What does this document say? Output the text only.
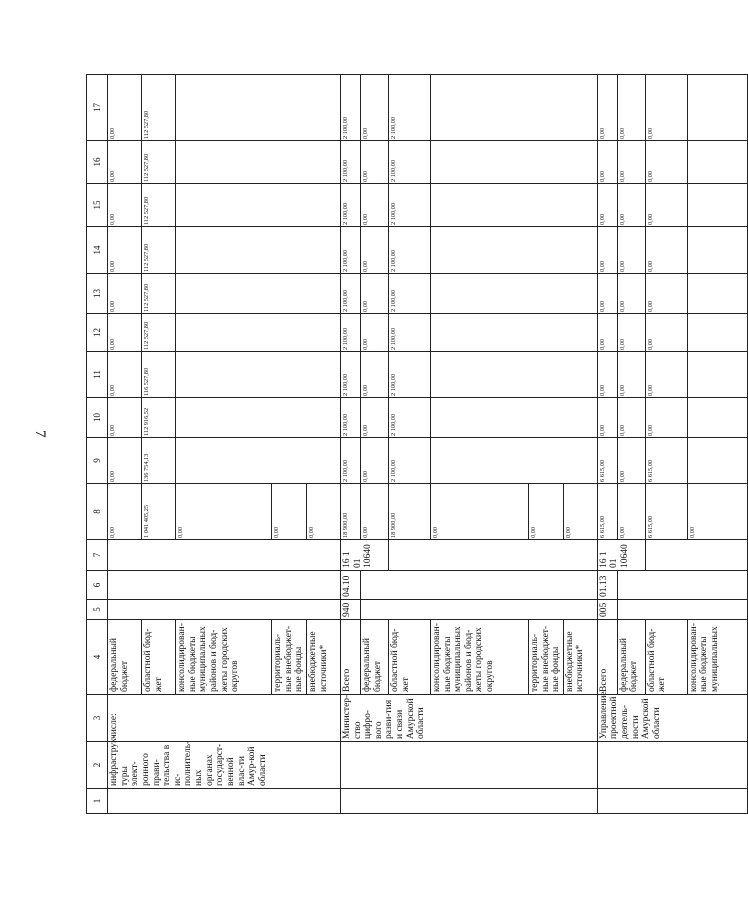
7
1	2	3	4	5	6	7	8	9	10	11	12	13	14	15	16	17
	инфраструк-туры элект-ронного прави-тельства в ис-полнитель-ных органах государст-венной влас-ти Амур-кой области	числе:	федеральный бюджет				0,00	0,00	0,00	0,00	0,00	0,00	0,00	0,00	0,00	0,00
			областной бюд-жет				1 041 405,25	136 754,13	112 916,52	116 527,80	112 527,80	112 527,80	112 527,80	112 527,80	112 527,80	112 527,80
			консолидирован-ные бюджеты муниципальных районов и бюд-жеты городских округов				0,00									
			территориаль-ные внебюджет-ные фонды				0,00									
			внебюджетные источники*				0,00									
		Министер-ство цифро-вого разви-тия и связи Амурской области	Всего	940	04.10	16 1 01 10640	18 900,00	2 100,00	2 100,00	2 100,00	2 100,00	2 100,00	2 100,00	2 100,00	2 100,00	2 100,00
			федеральный бюджет				0,00	0,00	0,00	0,00	0,00	0,00	0,00	0,00	0,00	0,00
			областной бюд-жет				18 900,00	2 100,00	2 100,00	2 100,00	2 100,00	2 100,00	2 100,00	2 100,00	2 100,00	2 100,00
			консолидирован-ные бюджеты муниципальных районов и бюд-жеты городских округов				0,00									
			территориаль-ные внебюджет-ные фонды				0,00									
			внебюджетные источники*				0,00									
		Управление проектной деятель-ности Амурской области	Всего	005	01.13	16 1 01 10640	6 615,00	6 615,00	0,00	0,00	0,00	0,00	0,00	0,00	0,00	0,00
			федеральный бюджет				0,00	0,00	0,00	0,00	0,00	0,00	0,00	0,00	0,00	0,00
			областной бюд-жет				6 615,00	6 615,00	0,00	0,00	0,00	0,00	0,00	0,00	0,00	0,00
			консолидирован-ные бюджеты муниципальных				0,00									
